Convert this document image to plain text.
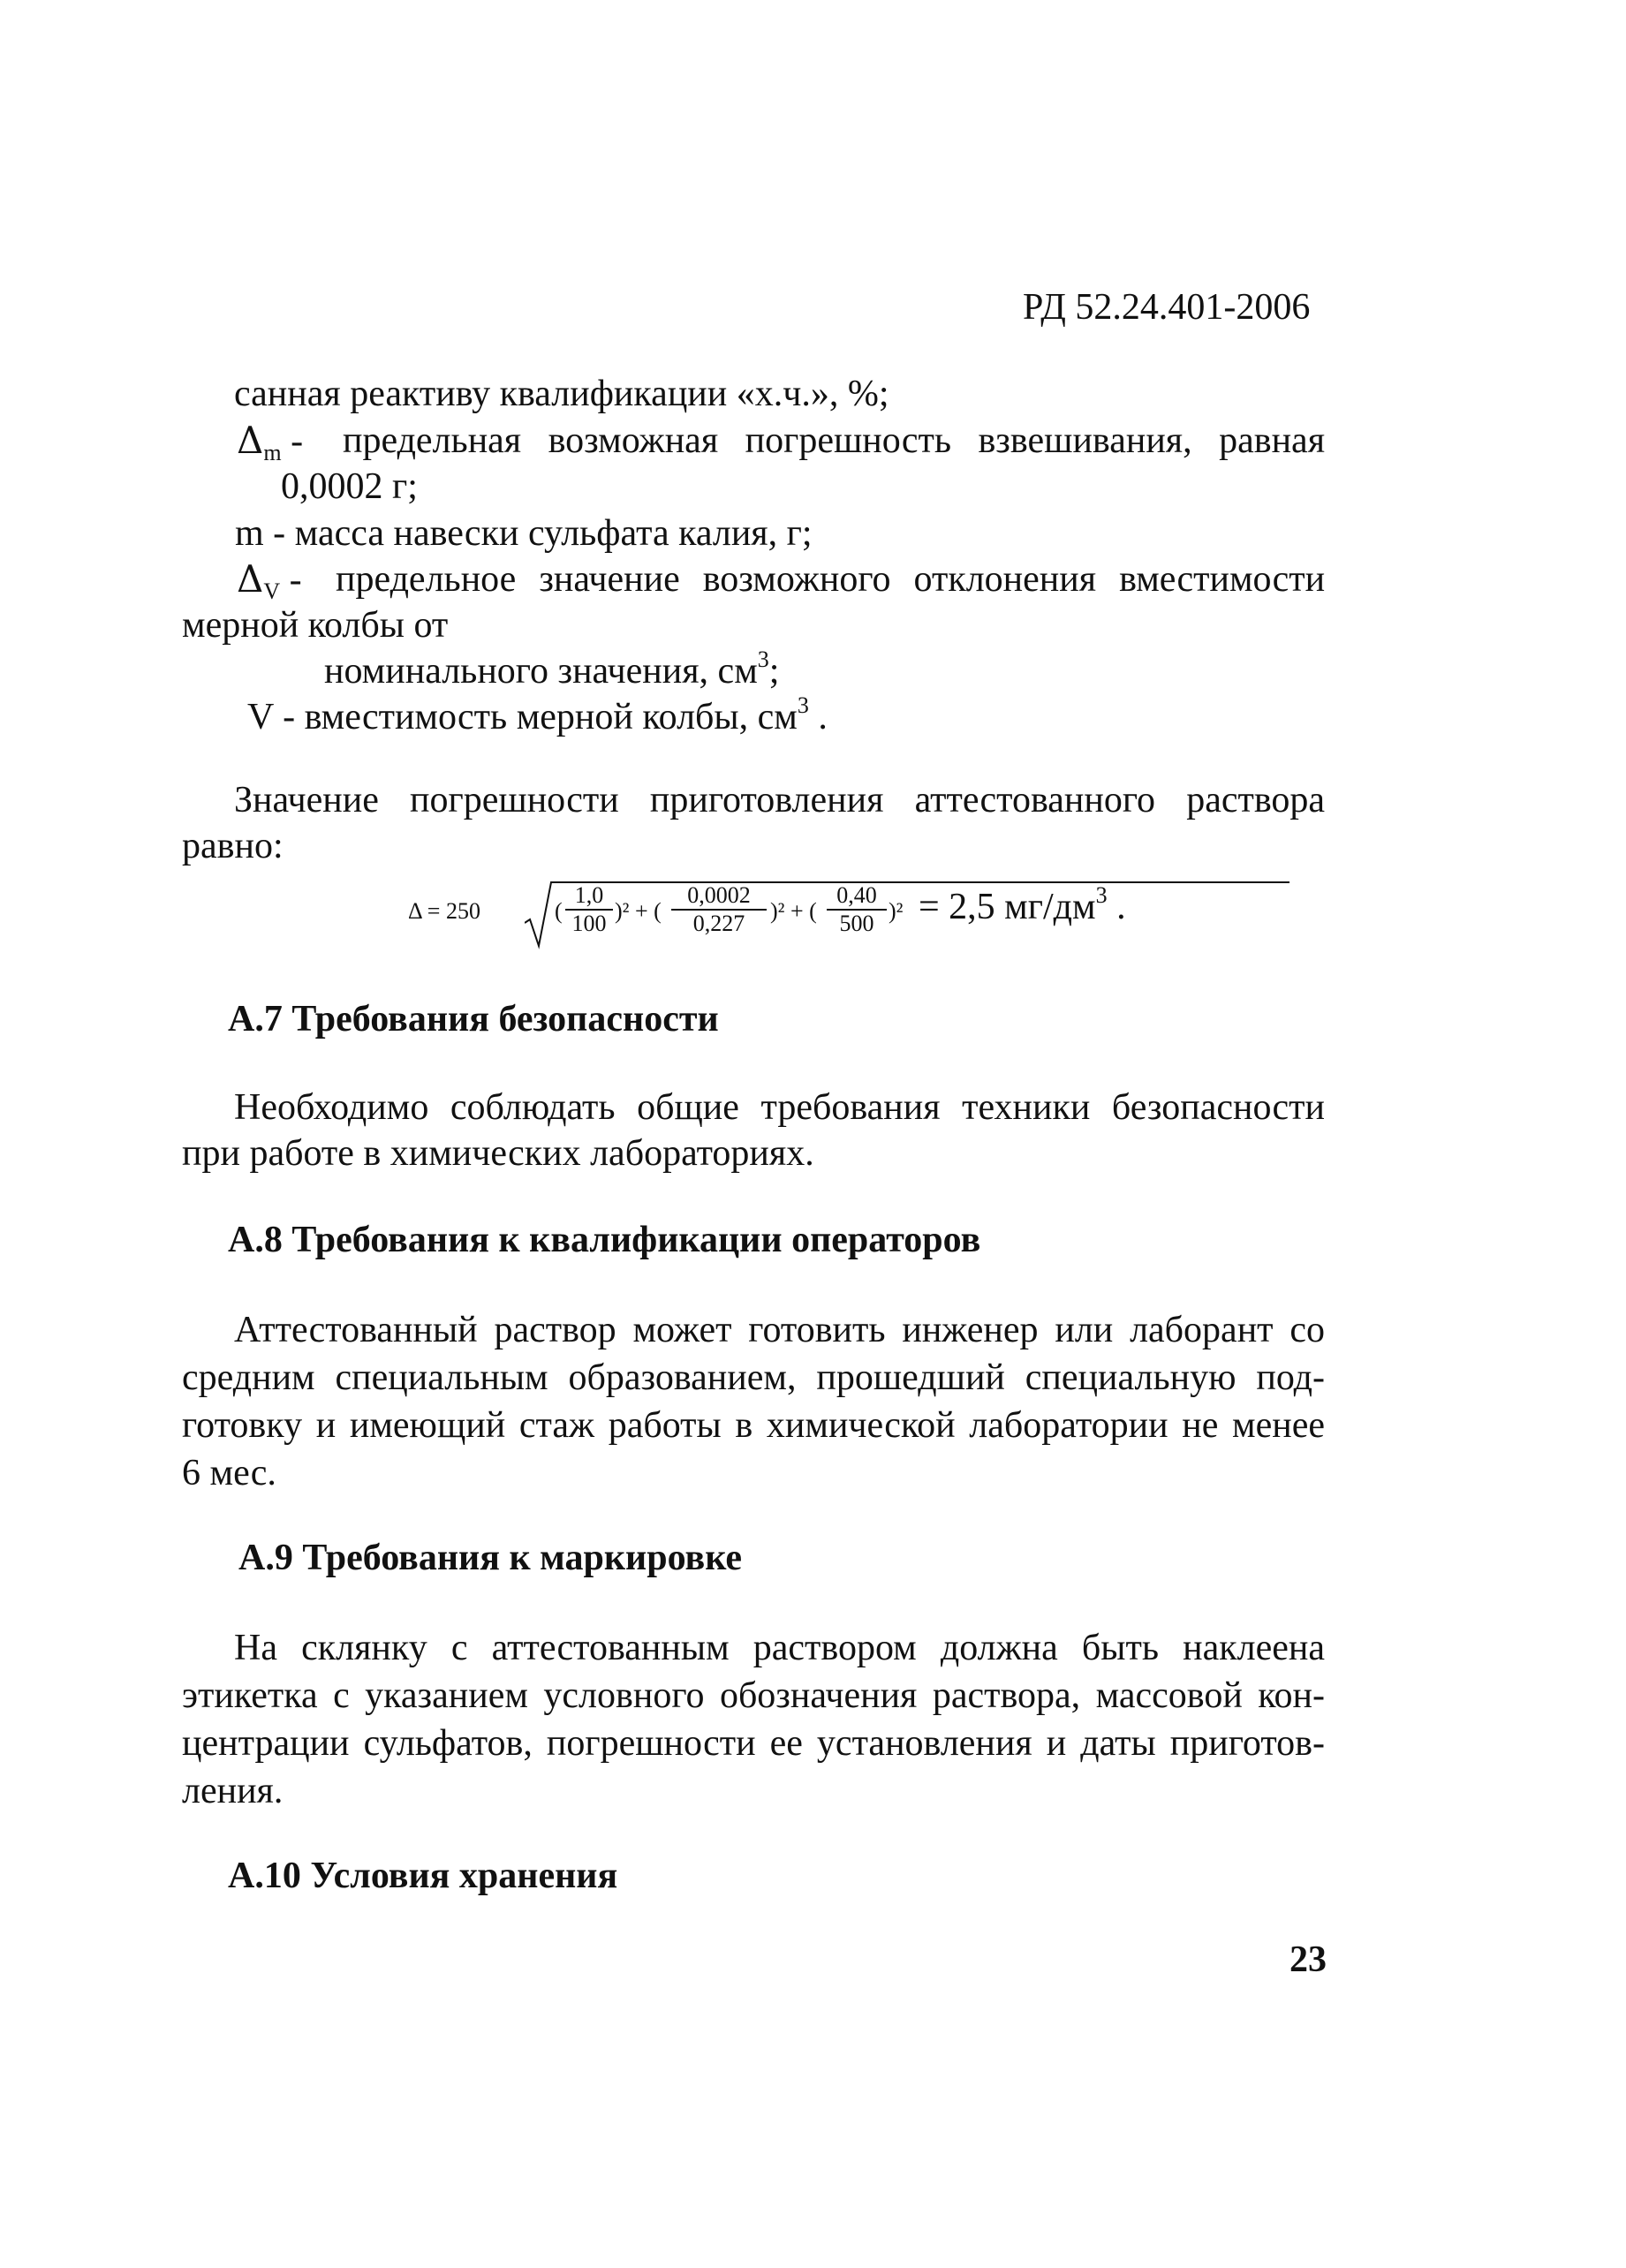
РД 52.24.401-2006
санная реактиву квалификации «х.ч.», %;
$\Delta_m$ - предельная возможная погрешность взвешивания, равная
0,0002 г;
m - масса навески сульфата калия, г;
$\Delta_V$ - предельное значение возможного отклонения вместимости
мерной колбы от
номинального значения, $см^3$;
V - вместимость мерной колбы, $см^3$ .
Значение погрешности приготовления аттестованного раствора
равно:
Δ = 250	( $\frac{1,0}{100} )^2$ + ( $\frac{0,0002}{0,227} )^2$ + ( $\frac{0,40}{500} )^2 = 2,5$ $мг/дм^3$ .
А.7 Требования безопасности
Необходимо соблюдать общие требования техники безопасности
при работе в химических лабораториях.
А.8 Требования к квалификации операторов
Аттестованный раствор может готовить инженер или лаборант со
средним специальным образованием, прошедший специальную под-
готовку и имеющий стаж работы в химической лаборатории не менее
6 мес.
А.9 Требования к маркировке
На склянку с аттестованным раствором должна быть наклеена
этикетка с указанием условного обозначения раствора, массовой кон-
центрации сульфатов, погрешности ее установления и даты приготов-
ления.
А.10 Условия хранения
23
